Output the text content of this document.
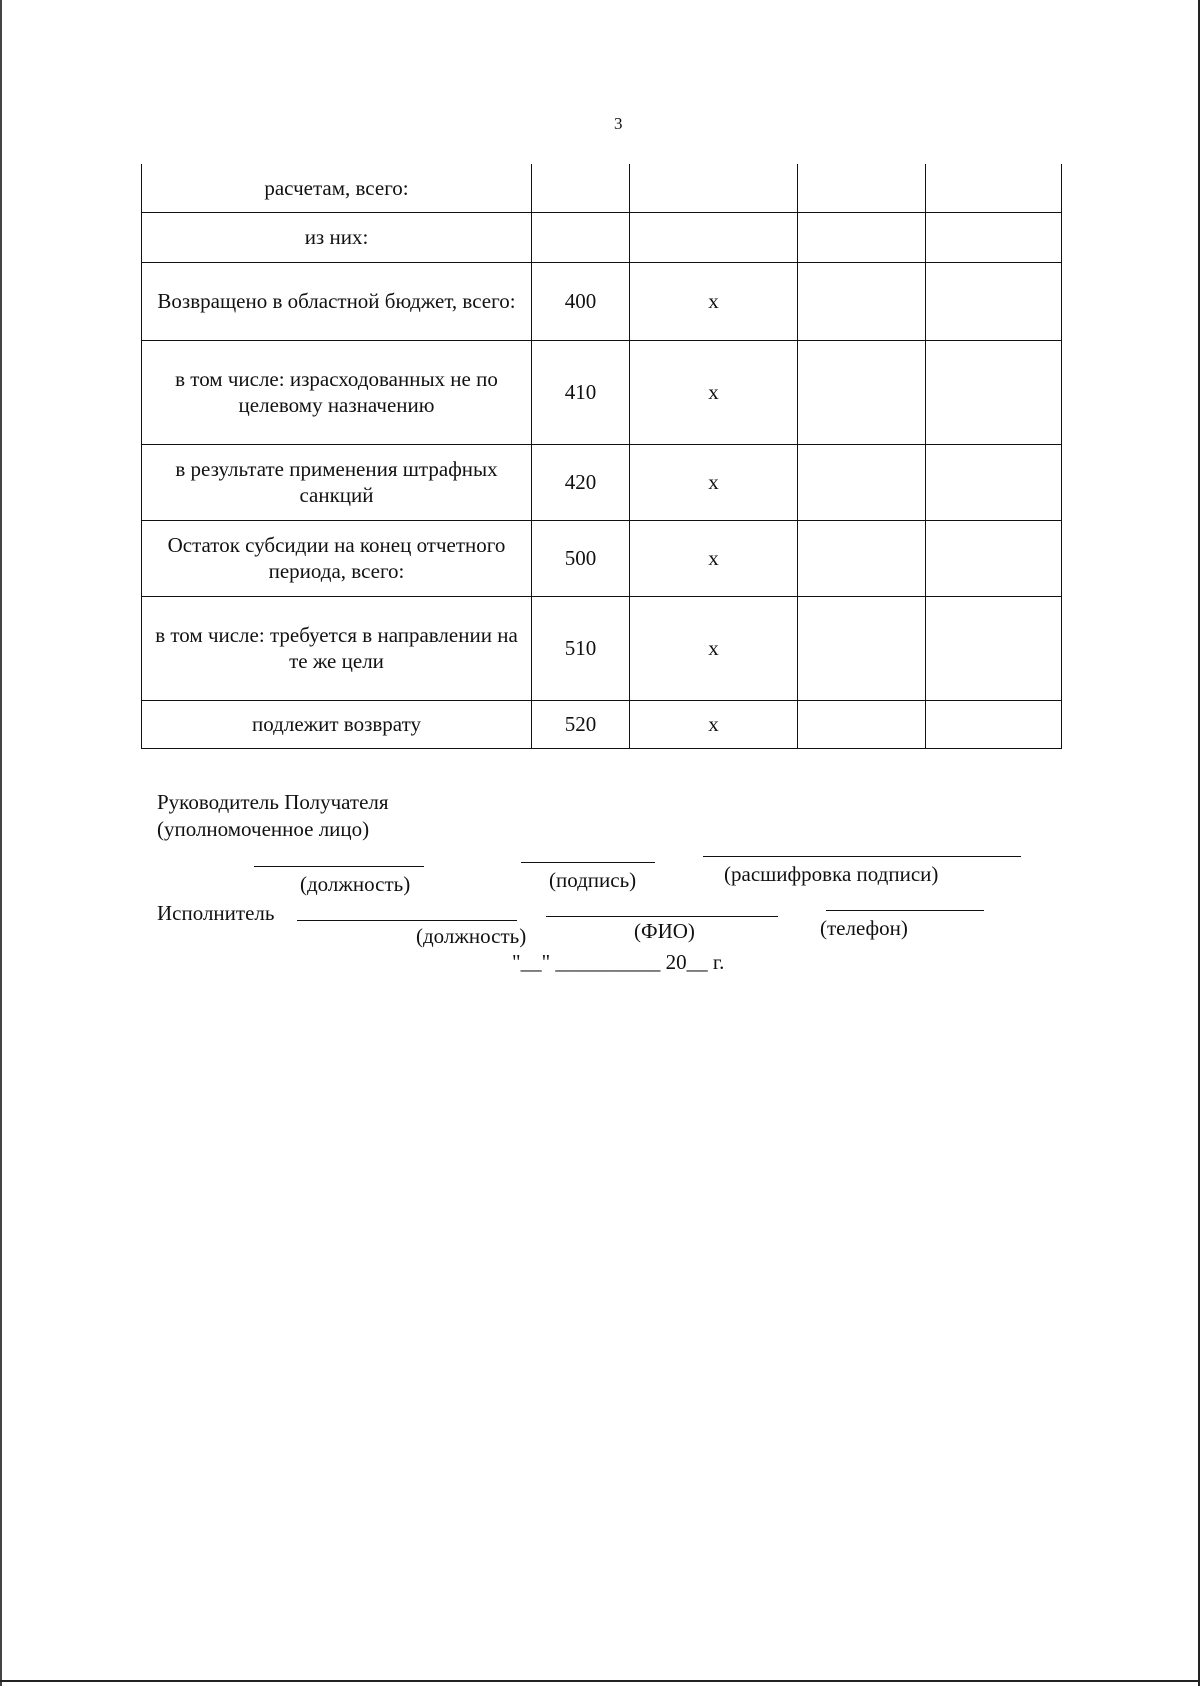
3
расчетам, всего:				
из них:				
Возвращено в областной бюджет, всего:	400	x		
в том числе: израсходованных не по целевому назначению	410	x		
в результате применения штрафных санкций	420	x		
Остаток субсидии на конец отчетного периода, всего:	500	x		
в том числе: требуется в направлении на те же цели	510	x		
подлежит возврату	520	x		
Руководитель Получателя
(уполномоченное лицо)
(должность)	(подпись)	(расшифровка подписи)
Исполнитель
(должность)	(ФИО)	(телефон)
"__" __________ 20__ г.
